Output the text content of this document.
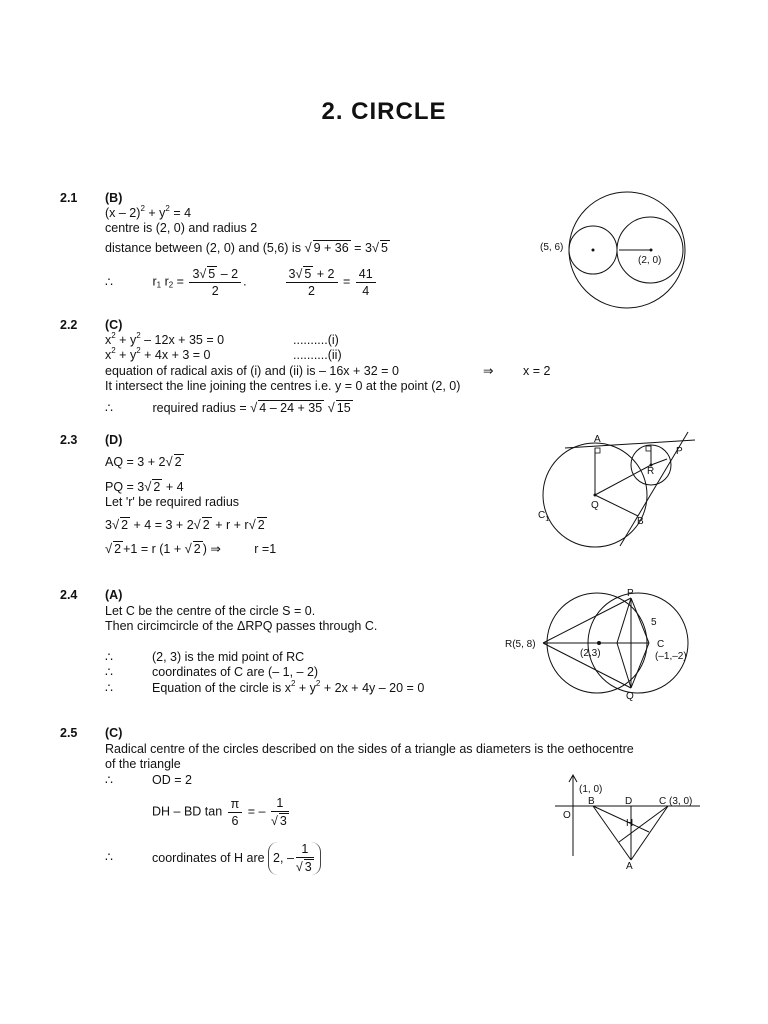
2. CIRCLE
2.1 (B)
$(x - 2)^2 + y^2 = 4$
centre is (2, 0) and radius 2
distance between (2, 0) and (5,6) is √ 9 + 36 = 3√ 5
∴	$r_1$ $r_2 = \frac{3√ 5 - 2}{2}$ .	$\frac{3√ 5 + 2}{2} = \frac{41}{4}$
(5, 6)
(2, 0)
2.2 (C)
$x^2 + y^2 - 12x + 35 = 0$	..........(i)
$x^2 + y^2 + 4x + 3 = 0$	..........(ii)
equation of radical axis of (i) and (ii) is – 16x + 32 = 0	⇒ x = 2
It intersect the line joining the centres i.e. y = 0 at the point (2, 0)
∴	required radius = √ 4 – 24 + 35 √ 15
2.3 (D)
AQ = 3 + 2√ 2
PQ = 3√ 2 + 4
Let 'r' be required radius
3√ 2 + 4 = 3 + 2√ 2 + r + r√ 2
√ 2 +1 = r (1 + √ 2 ) ⇒	r =1
A
P
R
Q
B
$C_1$
2.4 (A)
Let C be the centre of the circle S = 0.
Then circimcircle of the ΔRPQ passes through C.
∴	(2, 3) is the mid point of RC
∴	coordinates of C are (– 1, – 2)
∴	Equation of the circle is $x^2 + y^2 + 2x + 4y - 20 = 0$
P
5
R(5, 8)
(2,3)
C
(–1,–2)
Q
2.5 (C)
Radical centre of the circles described on the sides of a triangle as diameters is the oethocentre
of the triangle
∴	OD = 2
DH – BD $\tan \frac{\pi}{6}$ = – $\frac{1}{√ 3}$
∴	coordinates of H are 2, – $\frac{1}{√ 3}$
O
(1, 0)
B	D	C (3, 0)
H
A
